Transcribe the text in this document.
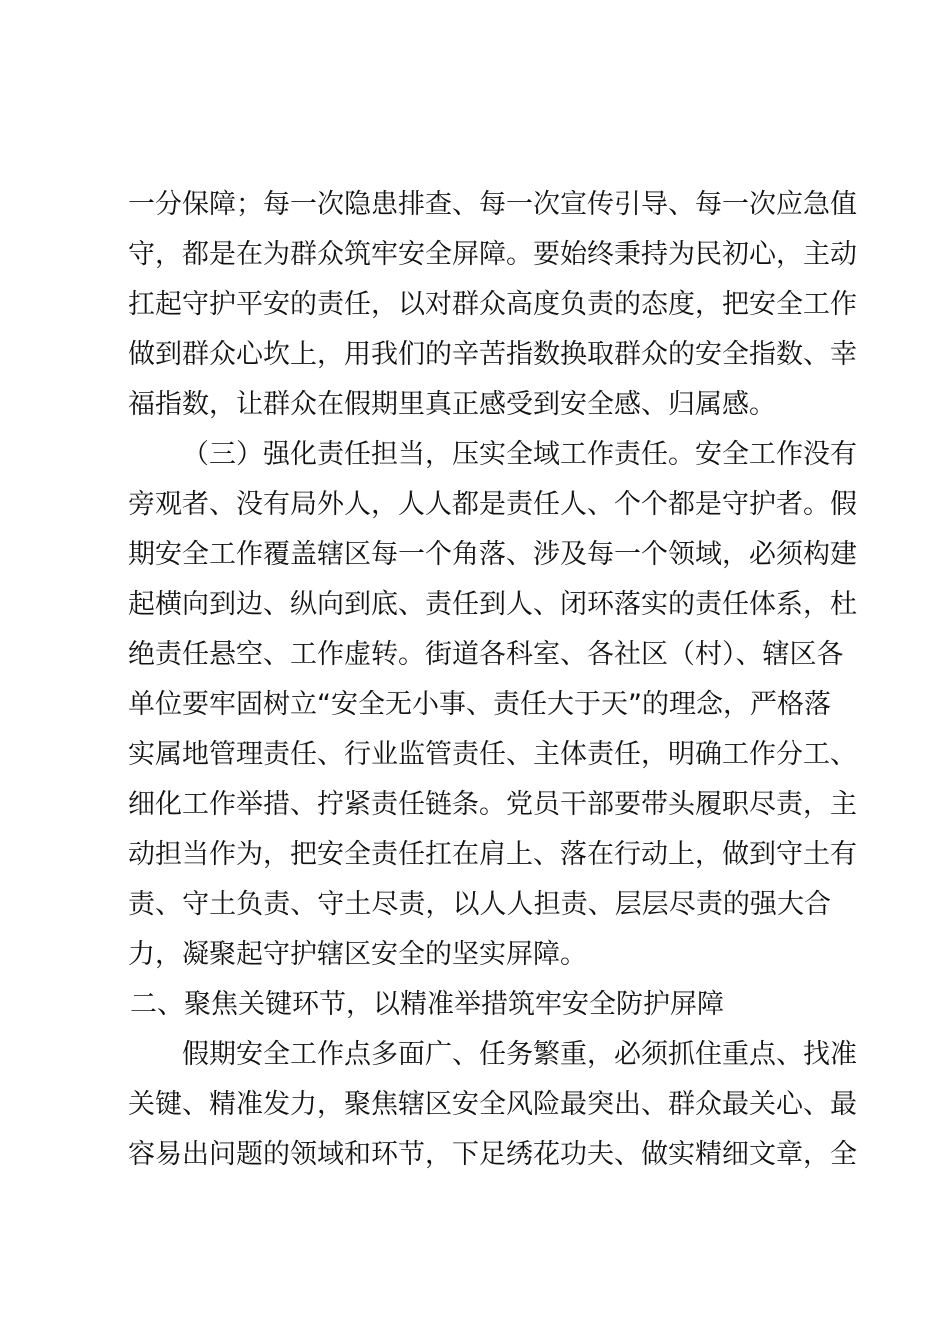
一分保障；每一次隐患排查、每一次宣传引导、每一次应急值
守，都是在为群众筑牢安全屏障。要始终秉持为民初心，主动
扛起守护平安的责任，以对群众高度负责的态度，把安全工作
做到群众心坎上，用我们的辛苦指数换取群众的安全指数、幸
福指数，让群众在假期里真正感受到安全感、归属感。
（三）强化责任担当，压实全域工作责任。安全工作没有
旁观者、没有局外人，人人都是责任人、个个都是守护者。假
期安全工作覆盖辖区每一个角落、涉及每一个领域，必须构建
起横向到边、纵向到底、责任到人、闭环落实的责任体系，杜
绝责任悬空、工作虚转。街道各科室、各社区（村）、辖区各
单位要牢固树立“安全无小事、责任大于天”的理念，严格落
实属地管理责任、行业监管责任、主体责任，明确工作分工、
细化工作举措、拧紧责任链条。党员干部要带头履职尽责，主
动担当作为，把安全责任扛在肩上、落在行动上，做到守土有
责、守土负责、守土尽责，以人人担责、层层尽责的强大合
力，凝聚起守护辖区安全的坚实屏障。
二、聚焦关键环节，以精准举措筑牢安全防护屏障
假期安全工作点多面广、任务繁重，必须抓住重点、找准
关键、精准发力，聚焦辖区安全风险最突出、群众最关心、最
容易出问题的领域和环节，下足绣花功夫、做实精细文章，全
